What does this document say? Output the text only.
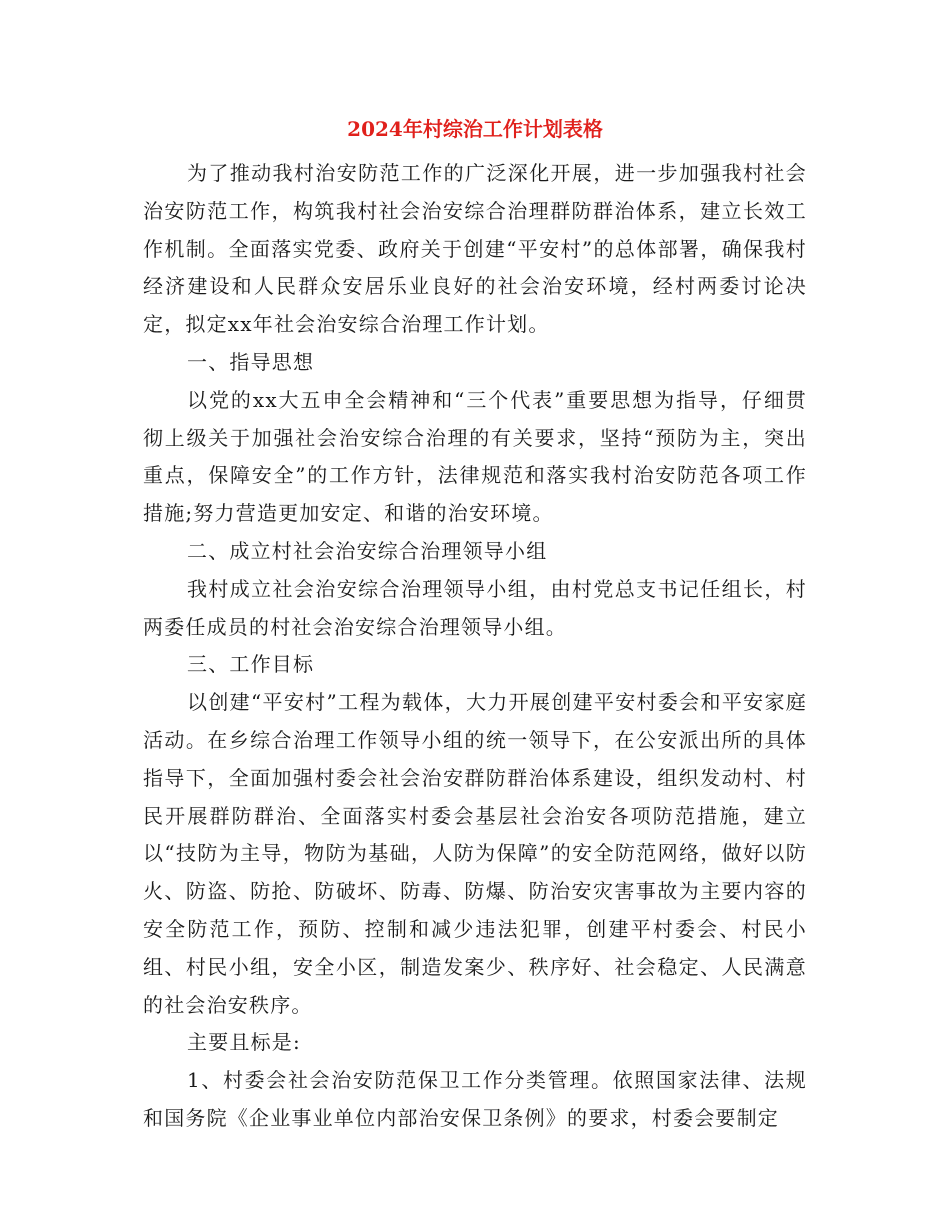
2024年村综治工作计划表格

为了推动我村治安防范工作的广泛深化开展，进一步加强我村社会治安防范工作，构筑我村社会治安综合治理群防群治体系，建立长效工作机制。全面落实党委、政府关于创建“平安村”的总体部署，确保我村经济建设和人民群众安居乐业良好的社会治安环境，经村两委讨论决定，拟定xx年社会治安综合治理工作计划。

一、指导思想

以党的xx大五申全会精神和“三个代表”重要思想为指导，仔细贯彻上级关于加强社会治安综合治理的有关要求，坚持“预防为主，突出重点，保障安全”的工作方针，法律规范和落实我村治安防范各项工作措施;努力营造更加安定、和谐的治安环境。

二、成立村社会治安综合治理领导小组

我村成立社会治安综合治理领导小组，由村党总支书记任组长，村两委任成员的村社会治安综合治理领导小组。

三、工作目标

以创建“平安村”工程为载体，大力开展创建平安村委会和平安家庭活动。在乡综合治理工作领导小组的统一领导下，在公安派出所的具体指导下，全面加强村委会社会治安群防群治体系建设，组织发动村、村民开展群防群治、全面落实村委会基层社会治安各项防范措施，建立以“技防为主导，物防为基础，人防为保障”的安全防范网络，做好以防火、防盗、防抢、防破坏、防毒、防爆、防治安灾害事故为主要内容的安全防范工作，预防、控制和减少违法犯罪，创建平村委会、村民小组、村民小组，安全小区，制造发案少、秩序好、社会稳定、人民满意的社会治安秩序。

主要且标是:

1、村委会社会治安防范保卫工作分类管理。依照国家法律、法规和国务院《企业事业单位内部治安保卫条例》的要求，村委会要制定
